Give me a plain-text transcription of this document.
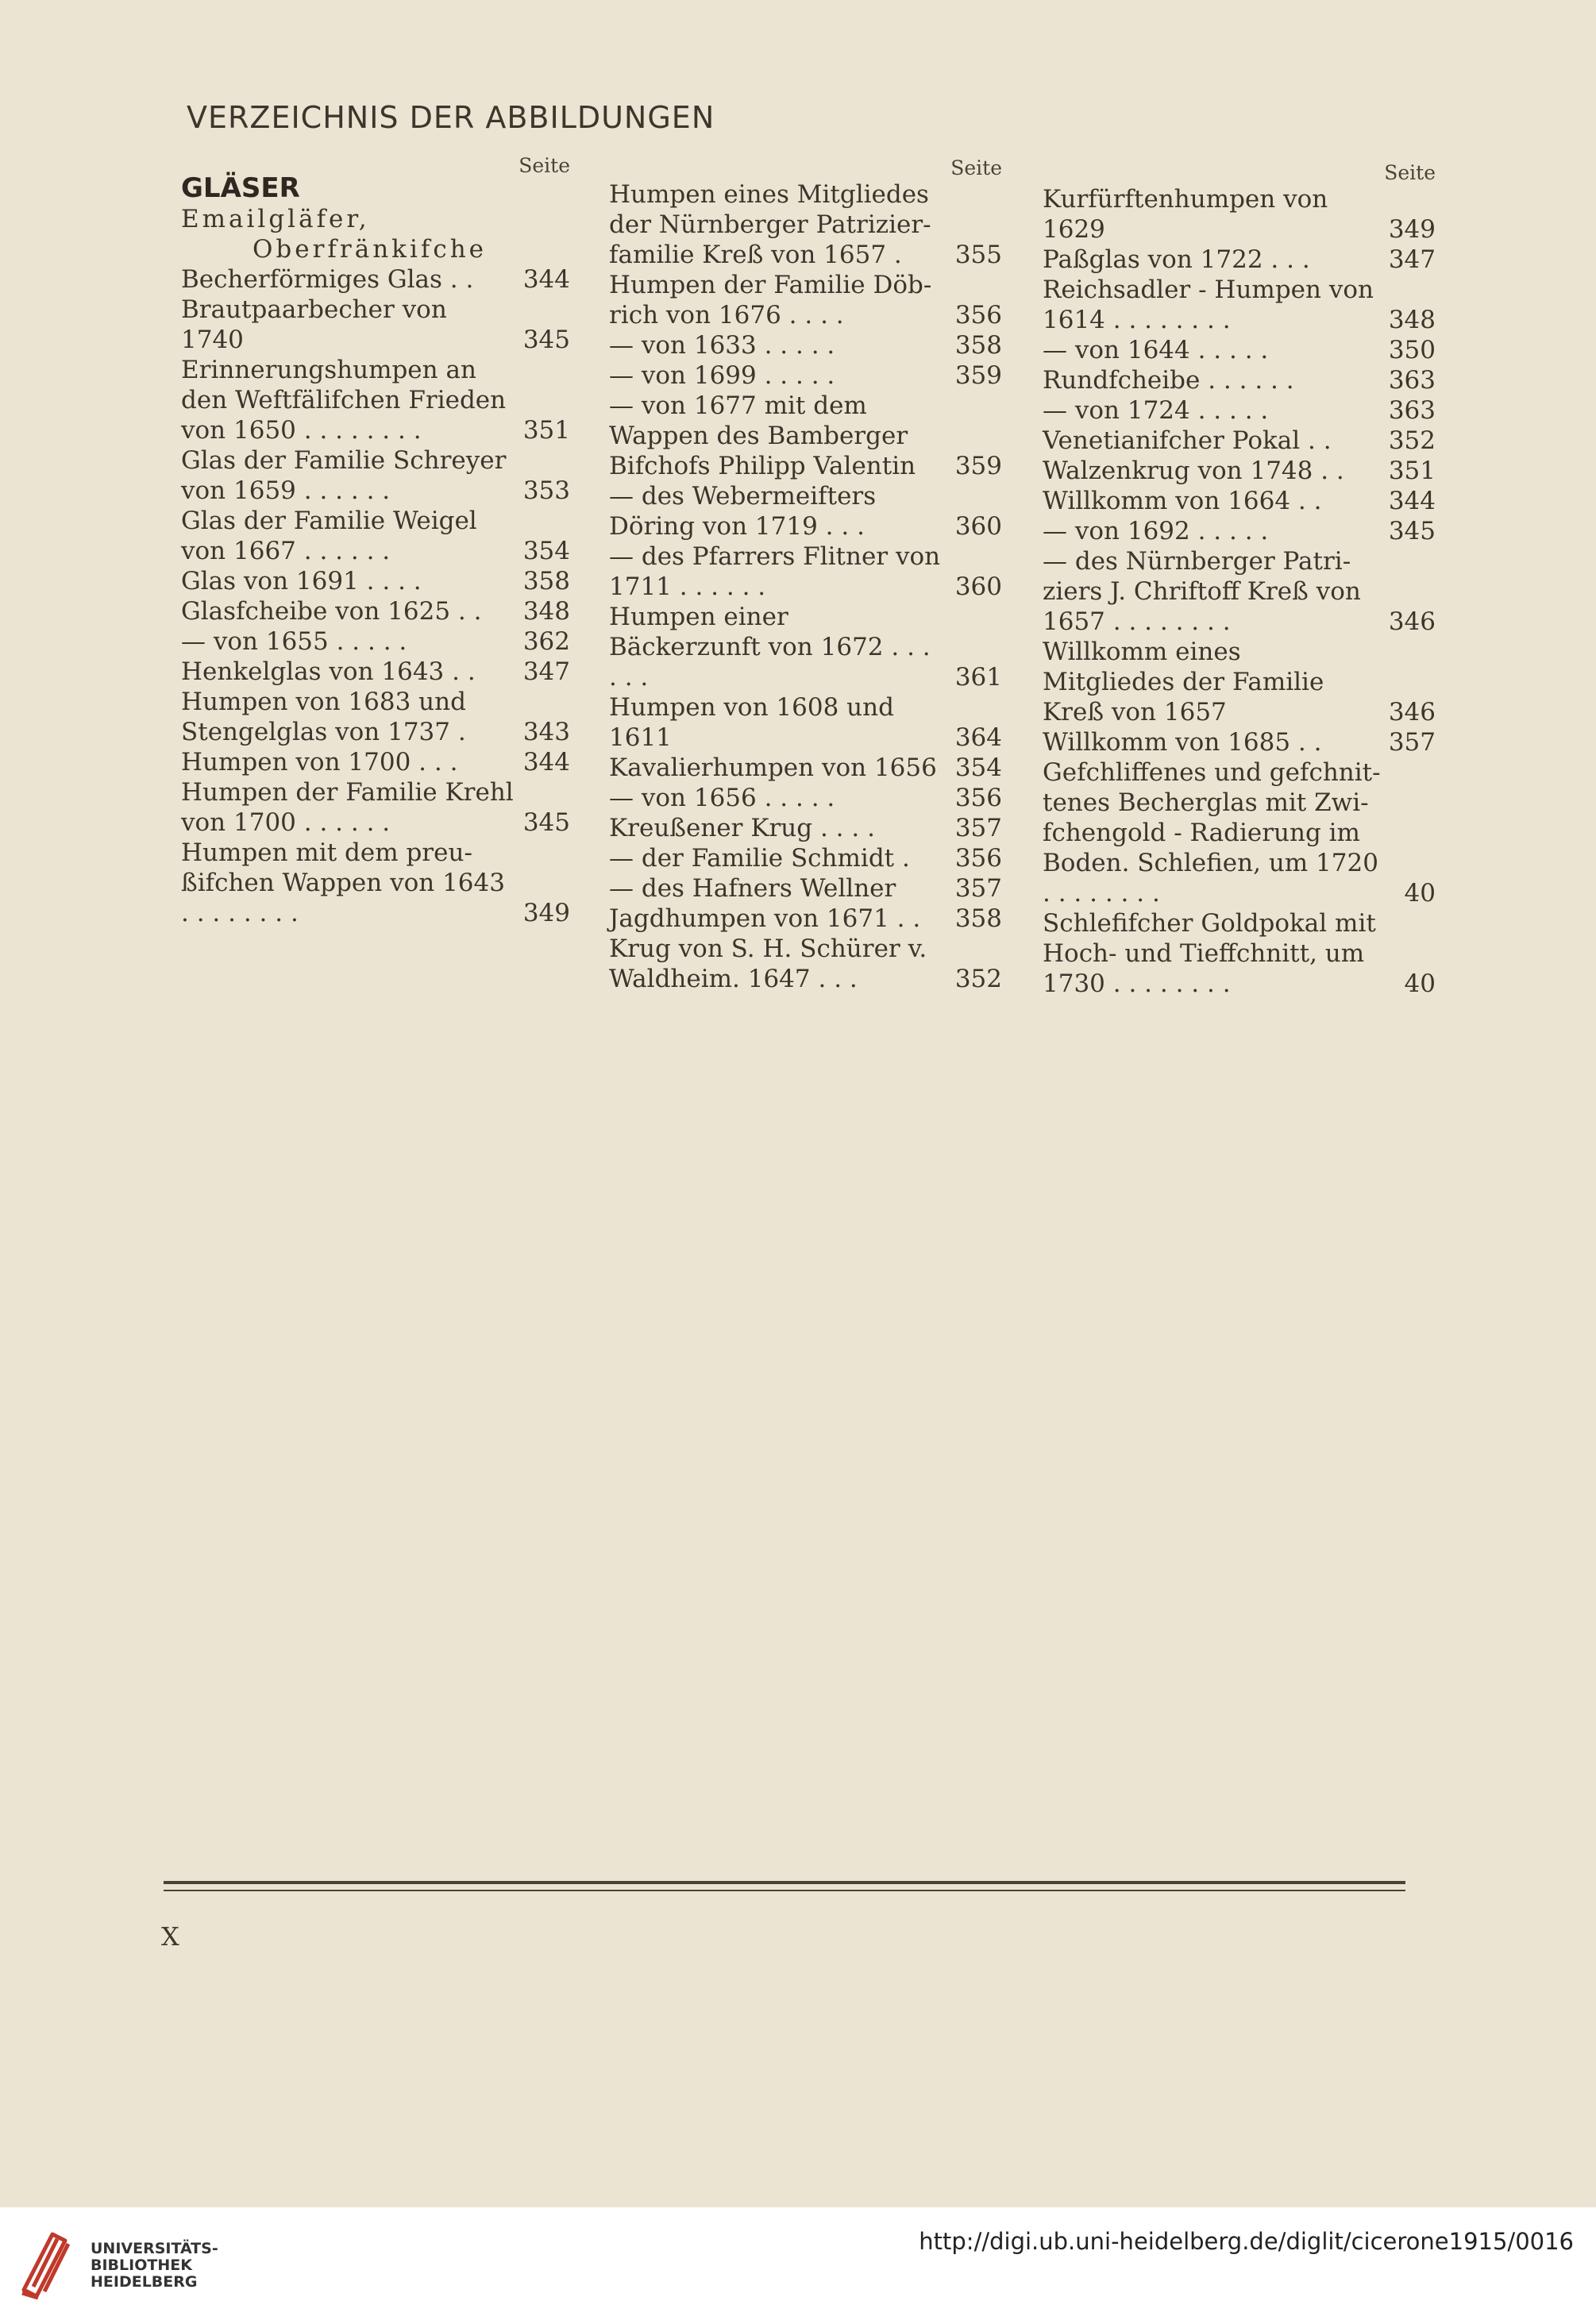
VERZEICHNIS DER ABBILDUNGEN
Seite
GLÄSER
Emailgläfer,
Oberfränkifche
Becherförmiges Glas . .	344
Brautpaarbecher von 1740	345
Erinnerungshumpen an den Weftfälifchen Frieden von 1650 . . . . . . . .	351
Glas der Familie Schreyer von 1659 . . . . . .	353
Glas der Familie Weigel von 1667 . . . . . .	354
Glas von 1691 . . . .	358
Glasfcheibe von 1625 . .	348
— von 1655 . . . . .	362
Henkelglas von 1643 . .	347
Humpen von 1683 und Stengelglas von 1737 .	343
Humpen von 1700 . . .	344
Humpen der Familie Krehl von 1700 . . . . . .	345
Humpen mit dem preu- ßifchen Wappen von 1643 . . . . . . . .	349
Seite
Humpen eines Mitgliedes der Nürnberger Patrizier- familie Kreß von 1657 .	355
Humpen der Familie Döb- rich von 1676 . . . .	356
— von 1633 . . . . .	358
— von 1699 . . . . .	359
— von 1677 mit dem Wappen des Bamberger Bifchofs Philipp Valentin	359
— des Webermeifters Döring von 1719 . . .	360
— des Pfarrers Flitner von 1711 . . . . . .	360
Humpen einer Bäckerzunft von 1672 . . . . . .	361
Humpen von 1608 und 1611	364
Kavalierhumpen von 1656 354
— von 1656 . . . . .	356
Kreußener Krug . . . .	357
— der Familie Schmidt .	356
— des Hafners Wellner	357
Jagdhumpen von 1671 . .	358
Krug von S. H. Schürer v. Waldheim. 1647 . . .	352
Seite
Kurfürftenhumpen von 1629	349
Paßglas von 1722 . . .	347
Reichsadler - Humpen von 1614 . . . . . . . .	348
— von 1644 . . . . .	350
Rundfcheibe . . . . . .	363
— von 1724 . . . . .	363
Venetianifcher Pokal . .	352
Walzenkrug von 1748 . .	351
Willkomm von 1664 . .	344
— von 1692 . . . . .	345
— des Nürnberger Patri- ziers J. Chriftoff Kreß von 1657 . . . . . . . .	346
Willkomm eines Mitgliedes der Familie Kreß von 1657	346
Willkomm von 1685 . .	357
Gefchliffenes und gefchnit- tenes Becherglas mit Zwi- fchengold - Radierung im Boden. Schlefien, um 1720 . . . . . . . .	40
Schlefifcher Goldpokal mit Hoch- und Tieffchnitt, um 1730 . . . . . . . .	40
X
UNIVERSITÄTS-
BIBLIOTHEK
HEIDELBERG
http://digi.ub.uni-heidelberg.de/diglit/cicerone1915/0016
